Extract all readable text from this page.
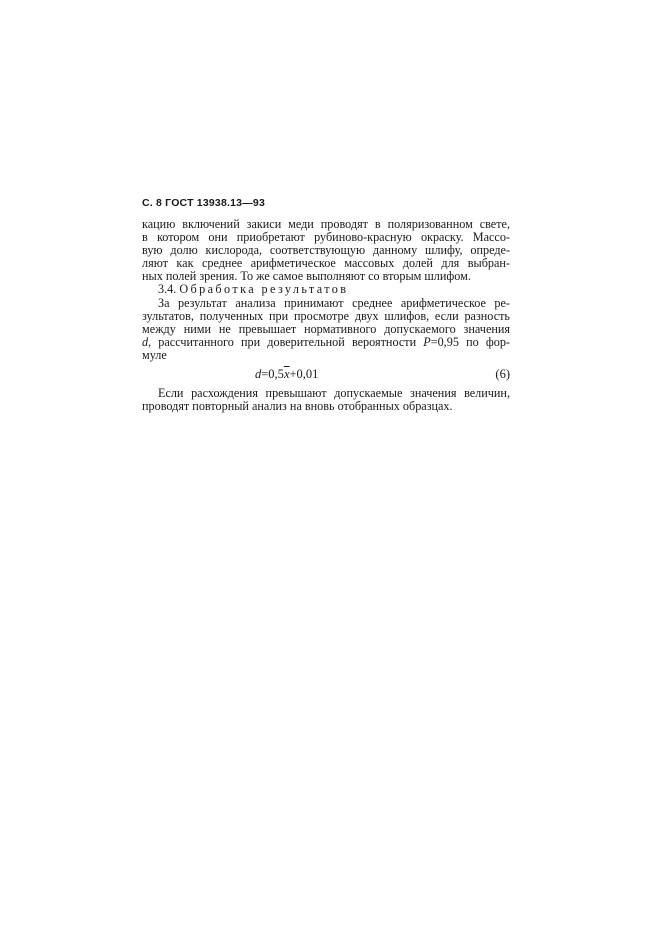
С. 8 ГОСТ 13938.13—93
кацию включений закиси меди проводят в поляризованном свете,
в котором они приобретают рубиново-красную окраску. Массо-
вую долю кислорода, соответствующую данному шлифу, опреде-
ляют как среднее арифметическое массовых долей для выбран-
ных полей зрения. То же самое выполняют со вторым шлифом.
3.4. Обработка результатов
За результат анализа принимают среднее арифметическое ре-
зультатов, полученных при просмотре двух шлифов, если разность
между ними не превышает нормативного допускаемого значения
d, рассчитанного при доверительной вероятности P=0,95 по фор-
муле
$d=0,5\overline{x}+0,01$	(6)
Если расхождения превышают допускаемые значения величин,
проводят повторный анализ на вновь отобранных образцах.
